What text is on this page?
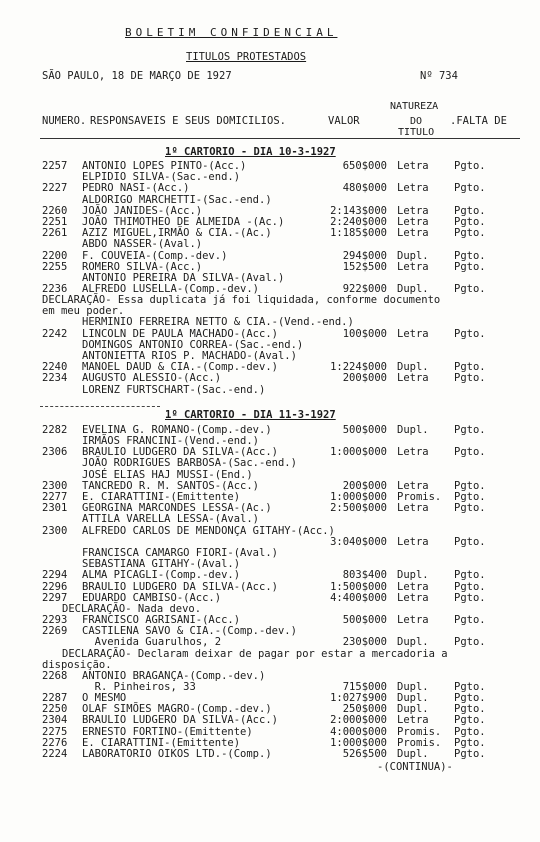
BOLETIM CONFIDENCIAL
TITULOS PROTESTADOS
SÃO PAULO, 18 DE MARÇO DE 1927	Nº 734
NATUREZA
NUMERO. RESPONSAVEIS E SEUS DOMICILIOS.	VALOR	DO	.FALTA DE
TITULO
1º CARTORIO - DIA 10-3-1927
2257 ANTONIO LOPES PINTO-(Acc.)	650$000 Letra Pgto.
ELPIDIO SILVA-(Sac.-end.)
2227 PEDRO NASI-(Acc.)	480$000 Letra Pgto.
ALDORIGO MARCHETTI-(Sac.-end.)
2260 JOÃO JANIDES-(Acc.)	2:143$000 Letra Pgto.
2251 JOÃO THIMOTHEO DE ALMEIDA -(Ac.)	2:240$000 Letra Pgto.
2261 AZIZ MIGUEL,IRMÃO & CIA.-(Ac.)	1:185$000 Letra Pgto.
ABDO NASSER-(Aval.)
2200 F. COUVEIA-(Comp.-dev.)	294$000 Dupl. Pgto.
2255 ROMERO SILVA-(Acc.)	152$500 Letra Pgto.
ANTONIO PEREIRA DA SILVA-(Aval.)
2236 ALFREDO LUSELLA-(Comp.-dev.)	922$000 Dupl. Pgto.
DECLARAÇÃO- Essa duplicata já foi liquidada, conforme documento
em meu poder.
HERMINIO FERREIRA NETTO & CIA.-(Vend.-end.)
2242 LINCOLN DE PAULA MACHADO-(Acc.)	100$000 Letra Pgto.
DOMINGOS ANTONIO CORREA-(Sac.-end.)
ANTONIETTA RIOS P. MACHADO-(Aval.)
2240 MANOEL DAUD & CIA.-(Comp.-dev.)	1:224$000 Dupl. Pgto.
2234 AUGUSTO ALESSIO-(Acc.)	200$000 Letra Pgto.
LORENZ FURTSCHART-(Sac.-end.)
1º CARTORIO - DIA 11-3-1927
2282 EVELINA G. ROMANO-(Comp.-dev.)	500$000 Dupl. Pgto.
IRMÃOS FRANCINI-(Vend.-end.)
2306 BRAULIO LUDGERO DA SILVA-(Acc.)	1:000$000 Letra Pgto.
JOÃO RODRIGUES BARBOSA-(Sac.-end.)
JOSÉ ELIAS HAJ MUSSI-(End.)
2300 TANCREDO R. M. SANTOS-(Acc.)	200$000 Letra Pgto.
2277 E. CIARATTINI-(Emittente)	1:000$000 Promis. Pgto.
2301 GEORGINA MARCONDES LESSA-(Ac.)	2:500$000 Letra Pgto.
ATTILA VARELLA LESSA-(Aval.)
2300 ALFREDO CARLOS DE MENDONÇA GITAHY-(Acc.)
3:040$000 Letra Pgto.
FRANCISCA CAMARGO FIORI-(Aval.)
SEBASTIANA GITAHY-(Aval.)
2294 ALMA PICAGLI-(Comp.-dev.)	803$400 Dupl. Pgto.
2296 BRAULIO LUDGERO DA SILVA-(Acc.)	1:500$000 Letra Pgto.
2297 EDUARDO CAMBISO-(Acc.)	4:400$000 Letra Pgto.
DECLARAÇÃO- Nada devo.
2293 FRANCISCO AGRISANI-(Acc.)	500$000 Letra Pgto.
2269 CASTILENA SAVO & CIA.-(Comp.-dev.)
Avenida Guarulhos, 2	230$000 Dupl. Pgto.
DECLARAÇÃO- Declaram deixar de pagar por estar a mercadoria a
disposição.
2268 ANTONIO BRAGANÇA-(Comp.-dev.)
R. Pinheiros, 33	715$000 Dupl. Pgto.
2287 O MESMO	1:027$900 Dupl. Pgto.
2250 OLAF SIMÕES MAGRO-(Comp.-dev.)	250$000 Dupl. Pgto.
2304 BRAULIO LUDGERO DA SILVA-(Acc.)	2:000$000 Letra Pgto.
2275 ERNESTO FORTINO-(Emittente)	4:000$000 Promis. Pgto.
2276 E. CIARATTINI-(Emittente)	1:000$000 Promis. Pgto.
2224 LABORATORIO OIKOS LTD.-(Comp.)	526$500 Dupl. Pgto.
-(CONTINUA)-
